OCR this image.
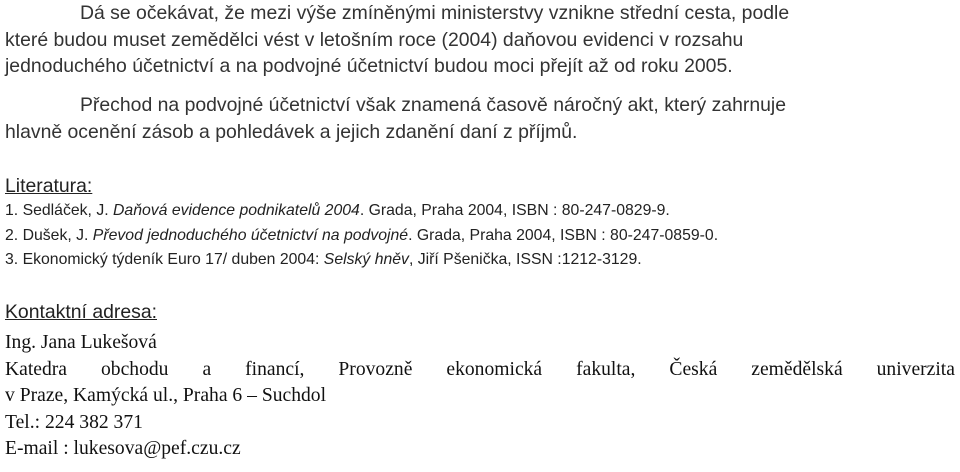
Dá se očekávat, že mezi výše zmíněnými ministerstvy vznikne střední cesta, podle
které budou muset zemědělci vést v letošním roce (2004) daňovou evidenci v rozsahu
jednoduchého účetnictví a na podvojné účetnictví budou moci přejít až od roku 2005.
Přechod na podvojné účetnictví však znamená časově náročný akt, který zahrnuje
hlavně ocenění zásob a pohledávek a jejich zdanění daní z příjmů.
Literatura:
1. Sedláček, J. Daňová evidence podnikatelů 2004. Grada, Praha 2004, ISBN : 80-247-0829-9.
2. Dušek, J. Převod jednoduchého účetnictví na podvojné. Grada, Praha 2004, ISBN : 80-247-0859-0.
3. Ekonomický týdeník Euro 17/ duben 2004: Selský hněv, Jiří Pšenička, ISSN :1212-3129.
Kontaktní adresa:
Ing. Jana Lukešová
Katedra obchodu a financí, Provozně ekonomická fakulta, Česká zemědělská univerzita
v Praze, Kamýcká ul., Praha 6 – Suchdol
Tel.: 224 382 371
E-mail : lukesova@pef.czu.cz
